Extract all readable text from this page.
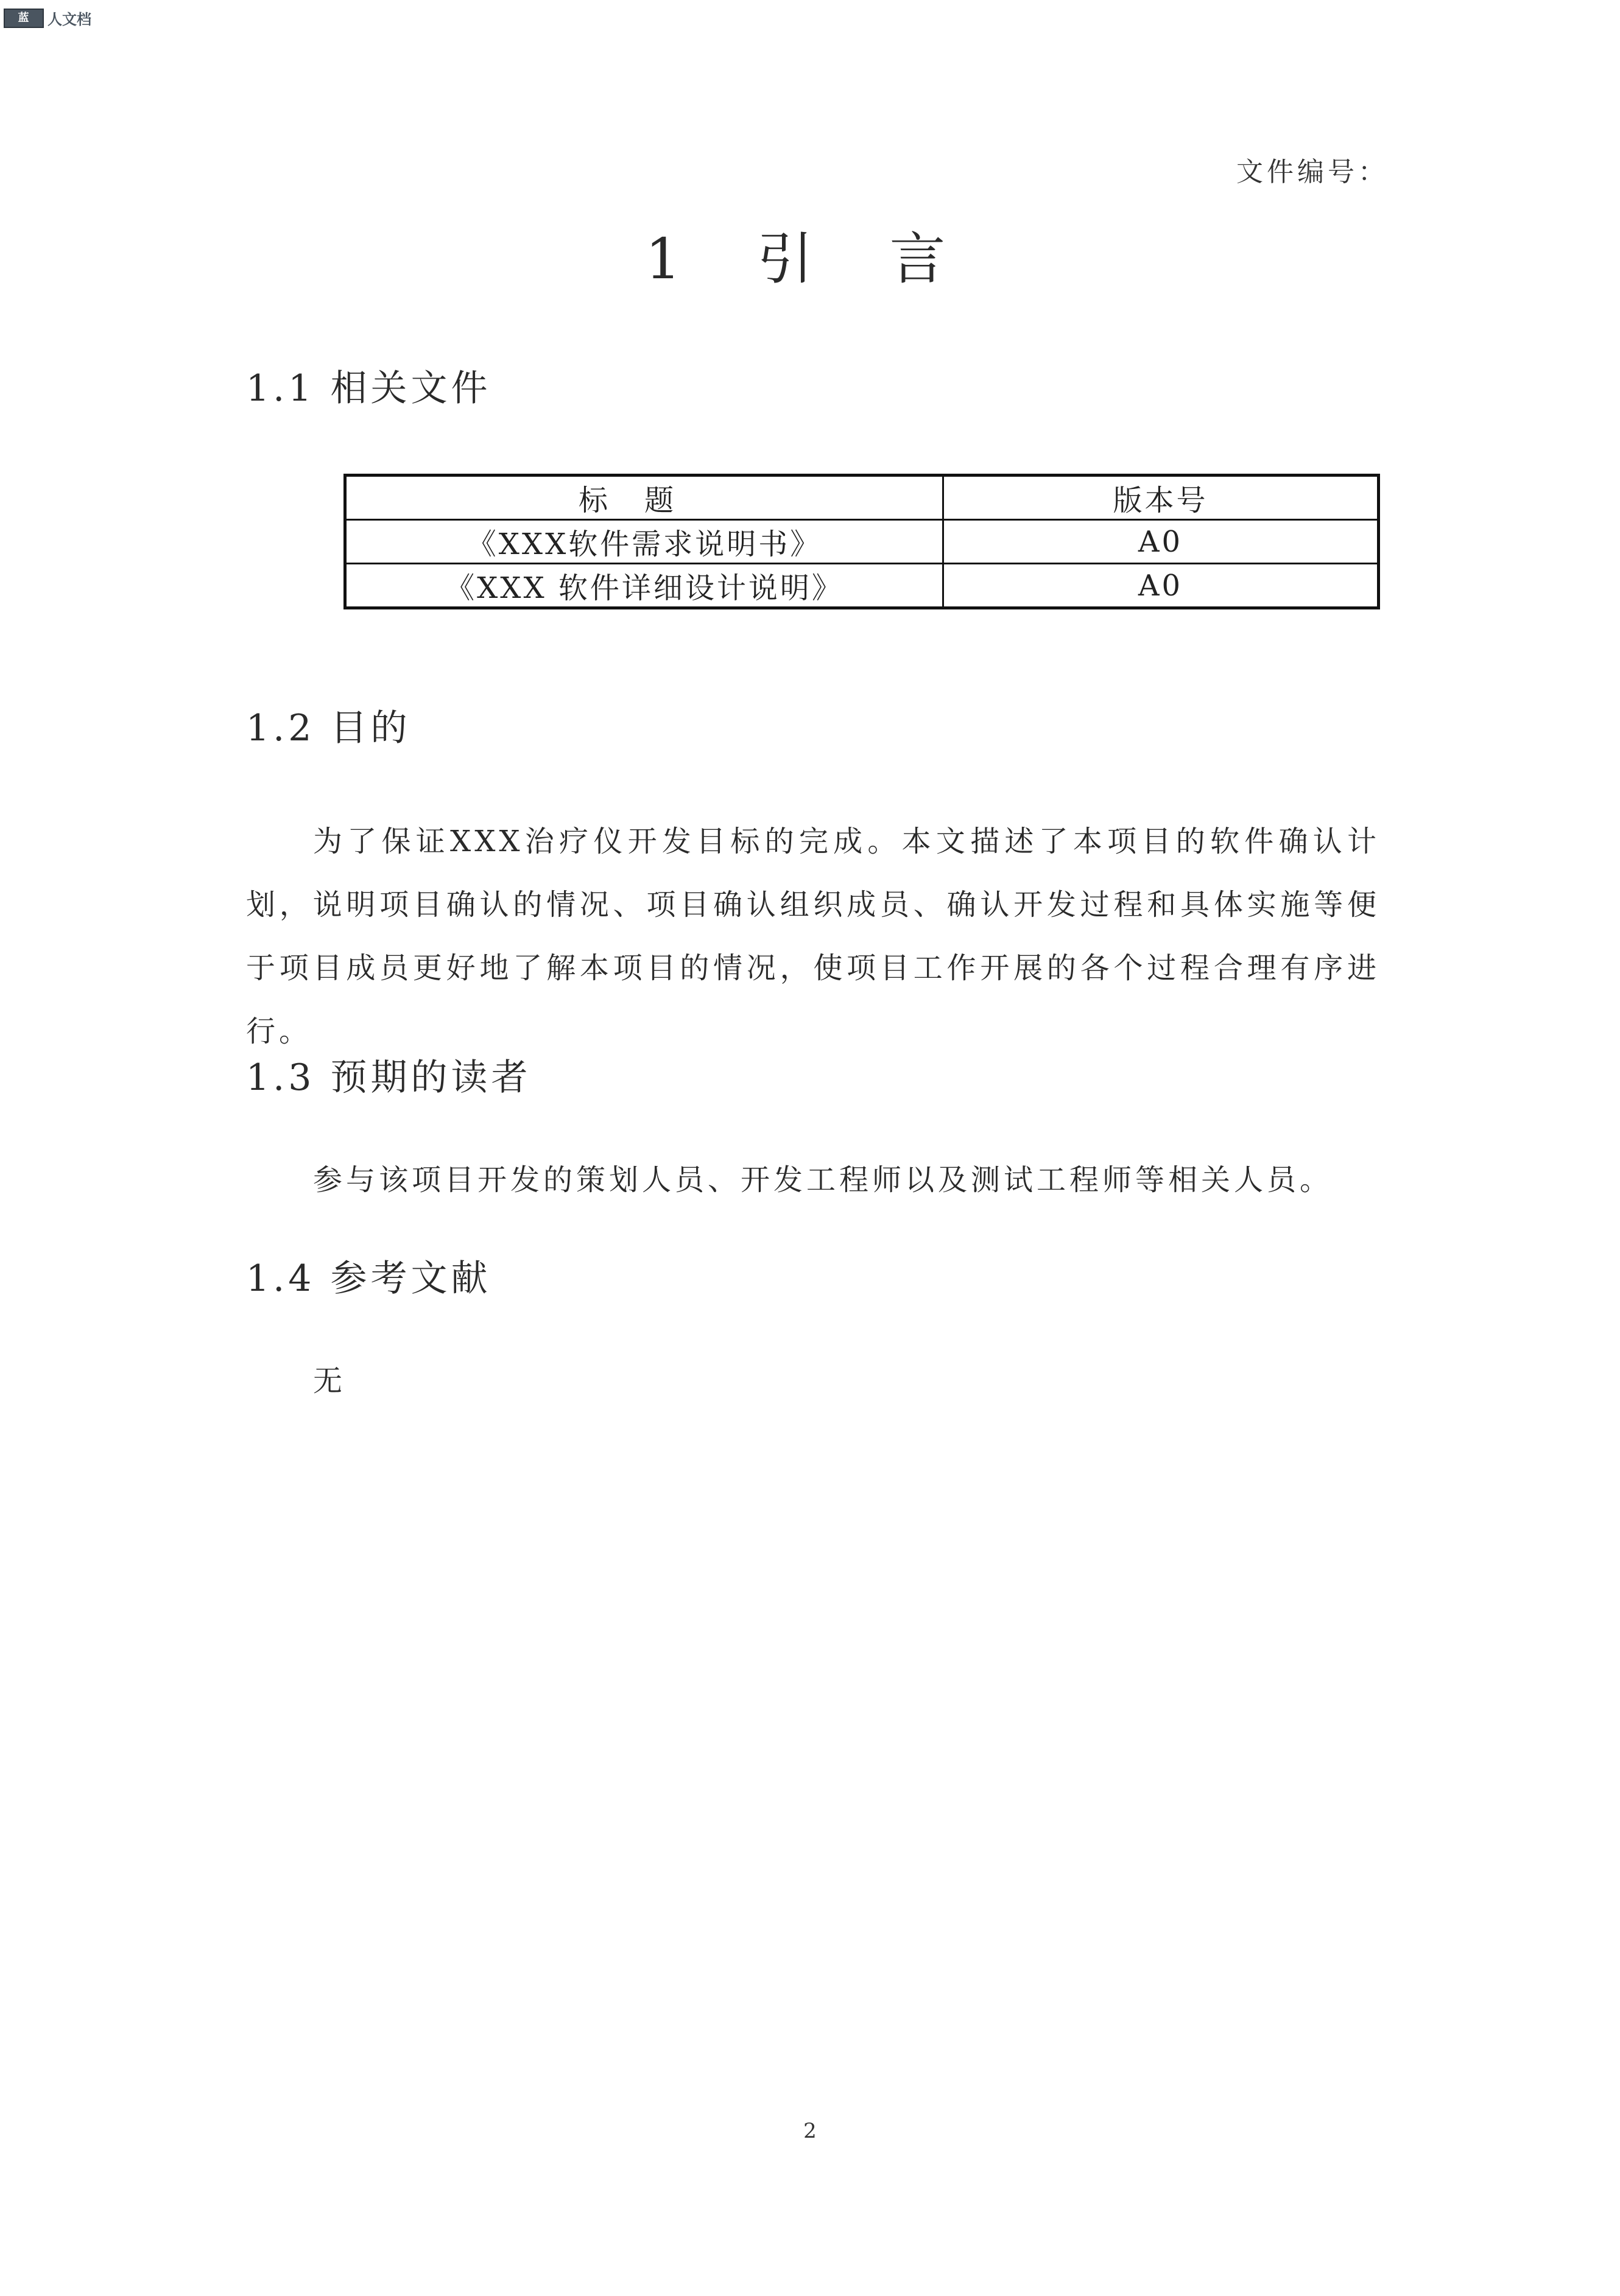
蓝	人文档
文件编号：
1 引 言
1.1 相关文件
标题	版本号
《XXX软件需求说明书》	A0
《XXX 软件详细设计说明》	A0
1.2 目的

为了保证XXX治疗仪开发目标的完成。本文描述了本项目的软件确认计划，说明项目确认的情况、项目确认组织成员、确认开发过程和具体实施等便于项目成员更好地了解本项目的情况，使项目工作开展的各个过程合理有序进行。

1.3 预期的读者

参与该项目开发的策划人员、开发工程师以及测试工程师等相关人员。

1.4 参考文献

无

2
